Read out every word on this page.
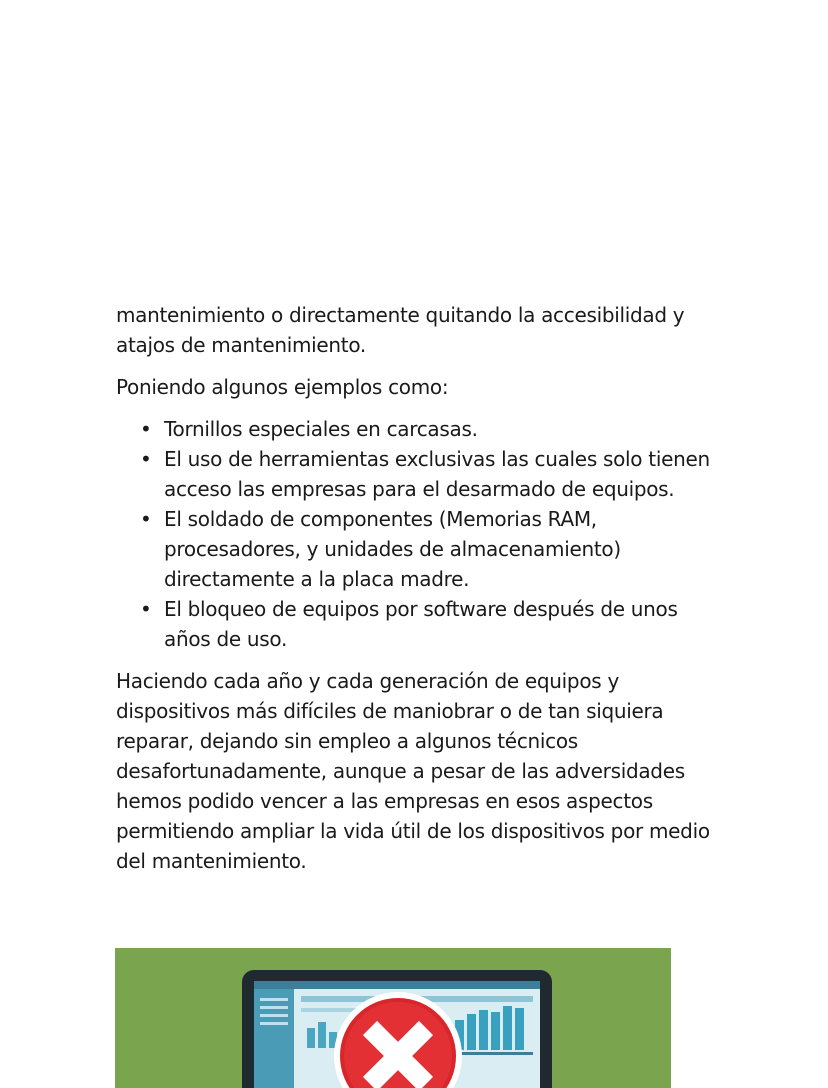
mantenimiento o directamente quitando la accesibilidad y atajos de mantenimiento.

Poniendo algunos ejemplos como:

• Tornillos especiales en carcasas.
• El uso de herramientas exclusivas las cuales solo tienen acceso las empresas para el desarmado de equipos.
• El soldado de componentes (Memorias RAM, procesadores, y unidades de almacenamiento) directamente a la placa madre.
• El bloqueo de equipos por software después de unos años de uso.

Haciendo cada año y cada generación de equipos y dispositivos más difíciles de maniobrar o de tan siquiera reparar, dejando sin empleo a algunos técnicos desafortunadamente, aunque a pesar de las adversidades hemos podido vencer a las empresas en esos aspectos permitiendo ampliar la vida útil de los dispositivos por medio del mantenimiento.
